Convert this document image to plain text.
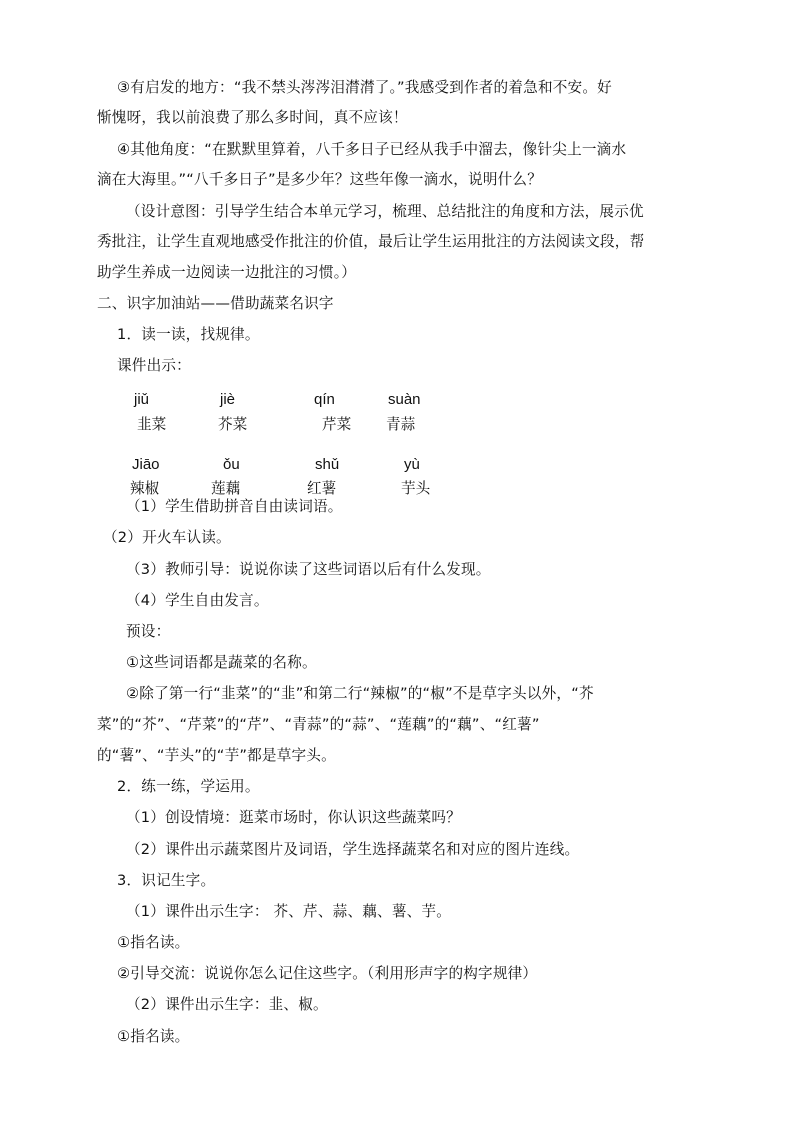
③有启发的地方：“我不禁头涔涔泪潸潸了。”我感受到作者的着急和不安。好
惭愧呀，我以前浪费了那么多时间，真不应该！
④其他角度：“在默默里算着，八千多日子已经从我手中溜去，像针尖上一滴水
滴在大海里。”“八千多日子”是多少年？这些年像一滴水，说明什么？
（设计意图：引导学生结合本单元学习，梳理、总结批注的角度和方法，展示优
秀批注，让学生直观地感受作批注的价值，最后让学生运用批注的方法阅读文段，帮
助学生养成一边阅读一边批注的习惯。）
二、识字加油站——借助蔬菜名识字
1．读一读，找规律。
课件出示：
jiǔ
韭菜
jiè
芥菜
qín
芹菜
suàn
青蒜
Jiāo
辣椒
ǒu
莲藕
shǔ
红薯
yù
芋头
（1）学生借助拼音自由读词语。
（2）开火车认读。
（3）教师引导：说说你读了这些词语以后有什么发现。
（4）学生自由发言。
预设：
①这些词语都是蔬菜的名称。
②除了第一行“韭菜”的“韭”和第二行“辣椒”的“椒”不是草字头以外，“芥
菜”的“芥”、“芹菜”的“芹”、“青蒜”的“蒜”、“莲藕”的“藕”、“红薯”
的“薯”、“芋头”的“芋”都是草字头。
2．练一练，学运用。
（1）创设情境：逛菜市场时，你认识这些蔬菜吗？
（2）课件出示蔬菜图片及词语，学生选择蔬菜名和对应的图片连线。
3．识记生字。
（1）课件出示生字： 芥、芹、蒜、藕、薯、芋。
①指名读。
②引导交流：说说你怎么记住这些字。（利用形声字的构字规律）
（2）课件出示生字：韭、椒。
①指名读。
